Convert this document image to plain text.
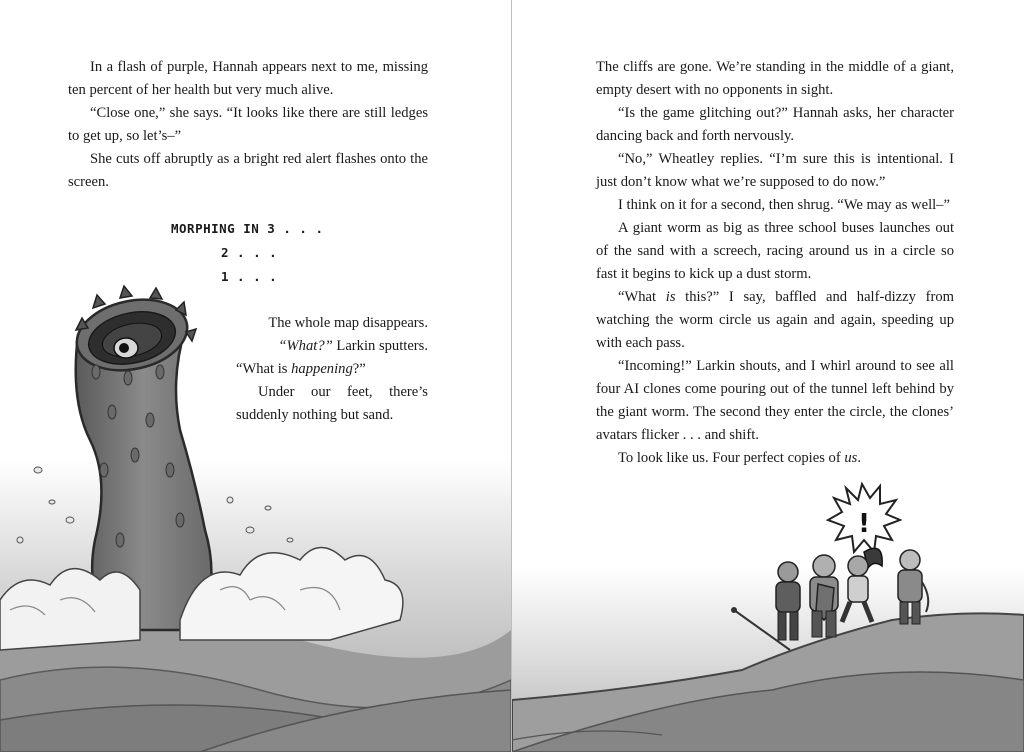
In a flash of purple, Hannah appears next to me, missing ten percent of her health but very much alive.

“Close one,” she says. “It looks like there are still ledges to get up, so let’s–”

She cuts off abruptly as a bright red alert flashes onto the screen.

MORPHING IN 3 . . .
2 . . .
1 . . .

The whole map disappears.

“What?” Larkin sputters.

“What is happening?”

Under our feet, there’s suddenly nothing but sand.

!

The cliffs are gone. We’re standing in the middle of a giant, empty desert with no opponents in sight.

“Is the game glitching out?” Hannah asks, her character dancing back and forth nervously.

“No,” Wheatley replies. “I’m sure this is intentional. I just don’t know what we’re supposed to do now.”

I think on it for a second, then shrug. “We may as well–”

A giant worm as big as three school buses launches out of the sand with a screech, racing around us in a circle so fast it begins to kick up a dust storm.

“What is this?” I say, baffled and half-dizzy from watching the worm circle us again and again, speeding up with each pass.

“Incoming!” Larkin shouts, and I whirl around to see all four AI clones come pouring out of the tunnel left behind by the giant worm. The second they enter the circle, the clones’ avatars flicker . . . and shift.

To look like us. Four perfect copies of us.
